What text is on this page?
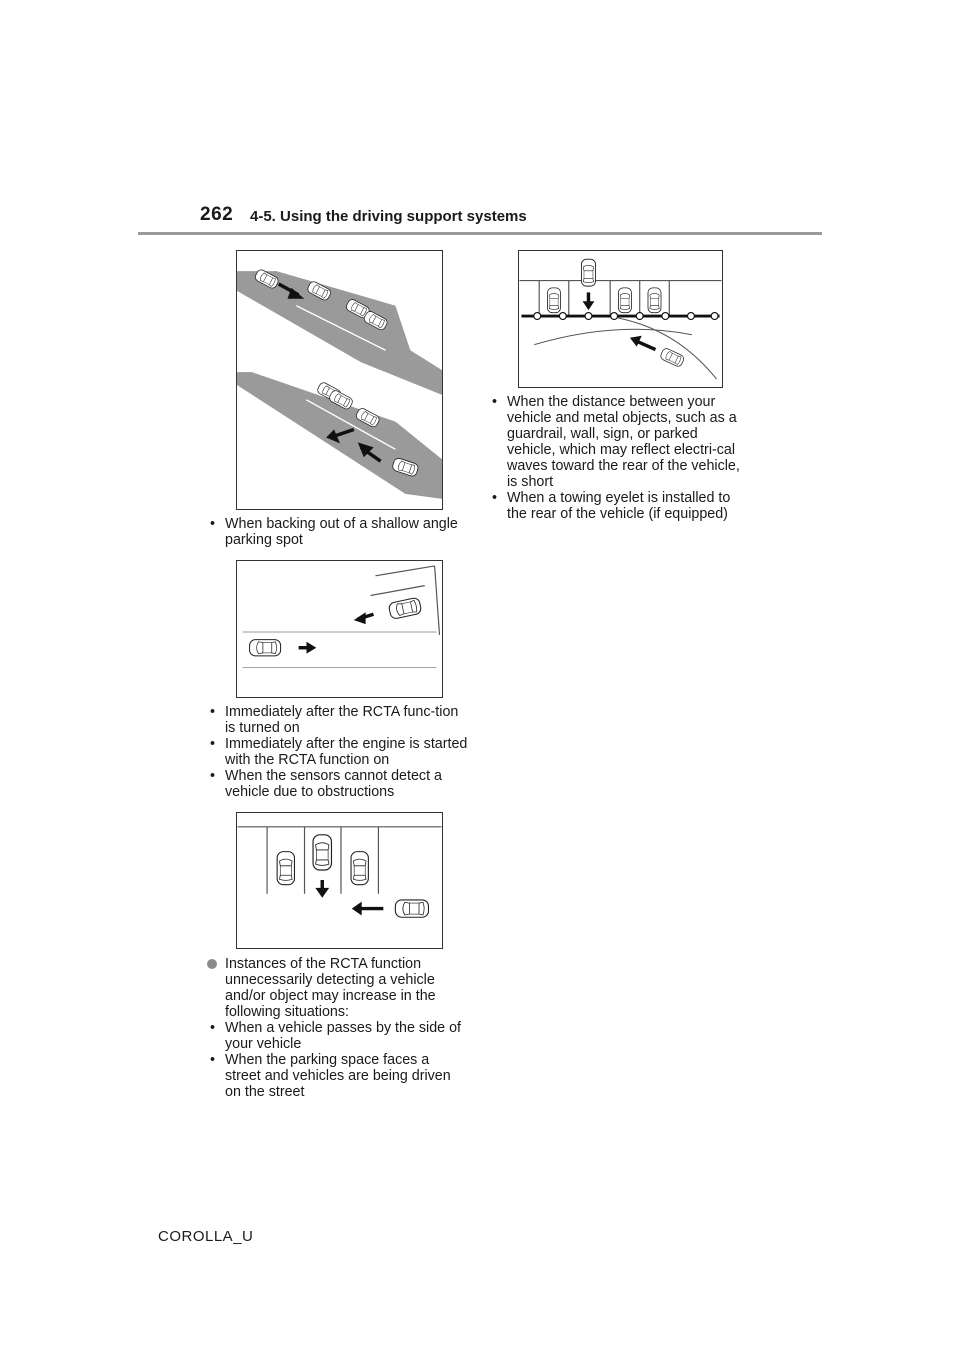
262 4-5. Using the driving support systems

• When backing out of a shallow angle parking spot

• Immediately after the RCTA func-tion is turned on

• Immediately after the engine is started with the RCTA function on

• When the sensors cannot detect a vehicle due to obstructions

Instances of the RCTA function unnecessarily detecting a vehicle and/or object may increase in the following situations:

• When a vehicle passes by the side of your vehicle

• When the parking space faces a street and vehicles are being driven on the street

• When the distance between your vehicle and metal objects, such as a guardrail, wall, sign, or parked vehicle, which may reflect electri-cal waves toward the rear of the vehicle, is short

• When a towing eyelet is installed to the rear of the vehicle (if equipped)

COROLLA_U
